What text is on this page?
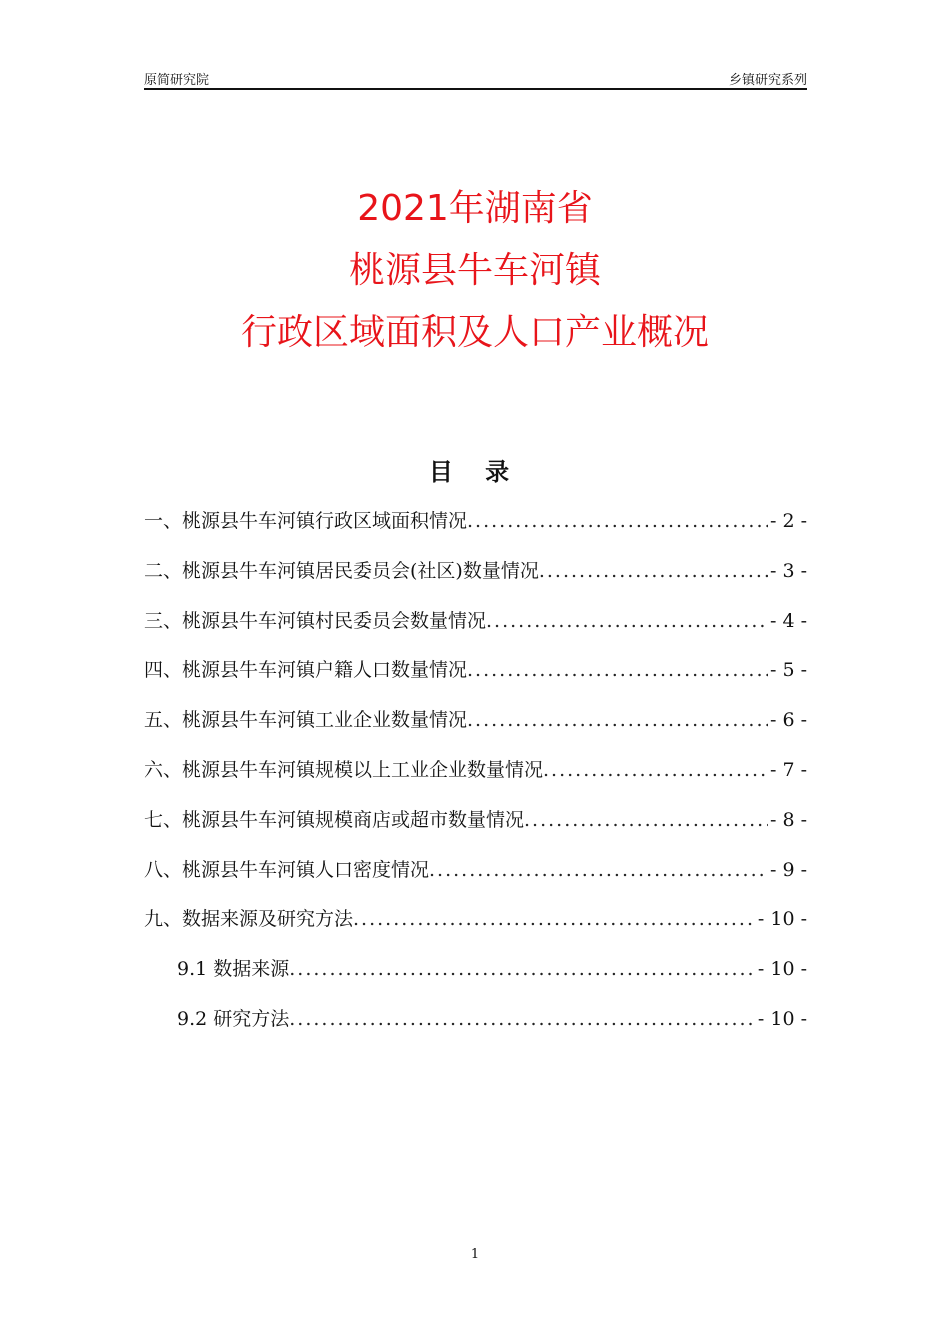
原简研究院	乡镇研究系列
2021年湖南省
桃源县牛车河镇
行政区域面积及人口产业概况
目 录
一、桃源县牛车河镇行政区域面积情况 .....	- 2 -
二、桃源县牛车河镇居民委员会(社区)数量情况 .....	- 3 -
三、桃源县牛车河镇村民委员会数量情况 .....	- 4 -
四、桃源县牛车河镇户籍人口数量情况 .....	- 5 -
五、桃源县牛车河镇工业企业数量情况 .....	- 6 -
六、桃源县牛车河镇规模以上工业企业数量情况 .....	- 7 -
七、桃源县牛车河镇规模商店或超市数量情况 .....	- 8 -
八、桃源县牛车河镇人口密度情况 .....	- 9 -
九、数据来源及研究方法 .....	- 10 -
9.1 数据来源 .....	- 10 -
9.2 研究方法 .....	- 10 -
1
